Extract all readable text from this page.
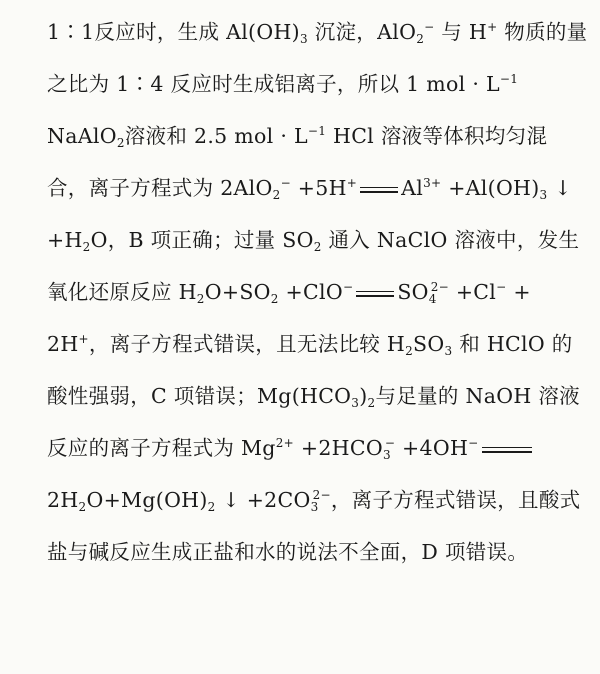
1∶1反应时，生成 $Al(OH)_3$ 沉淀，AlO$_2$− 与 H+ 物质的量
之比为 1∶4 反应时生成铝离子，所以 1 mol · $L^{-1}$
NaAlO$_2$溶液和 2.5 mol · $L^{-1}$ HCl 溶液等体积均匀混
合，离子方程式为 2AlO$_2$− +5H+ $Al^{3+} +Al(OH)_3$ ↓
$+H_2O$，B 项正确；过量 $SO_2$ 通入 NaClO 溶液中，发生
氧化还原反应 $H_2O+SO_2 +ClO^-$ $SO_4^{2-} +Cl^-$ +
2H+，离子方程式错误，且无法比较 $H_2SO_3$ 和 HClO 的
酸性强弱，C 项错误；$Mg(HCO_3)_2$与足量的 NaOH 溶液
反应的离子方程式为 $Mg^{2+} +2HCO_3^- +4OH^-$
$2H_2O+Mg(OH)_2$ ↓ $+2CO_3^{2-}$，离子方程式错误，且酸式
盐与碱反应生成正盐和水的说法不全面，D 项错误。
